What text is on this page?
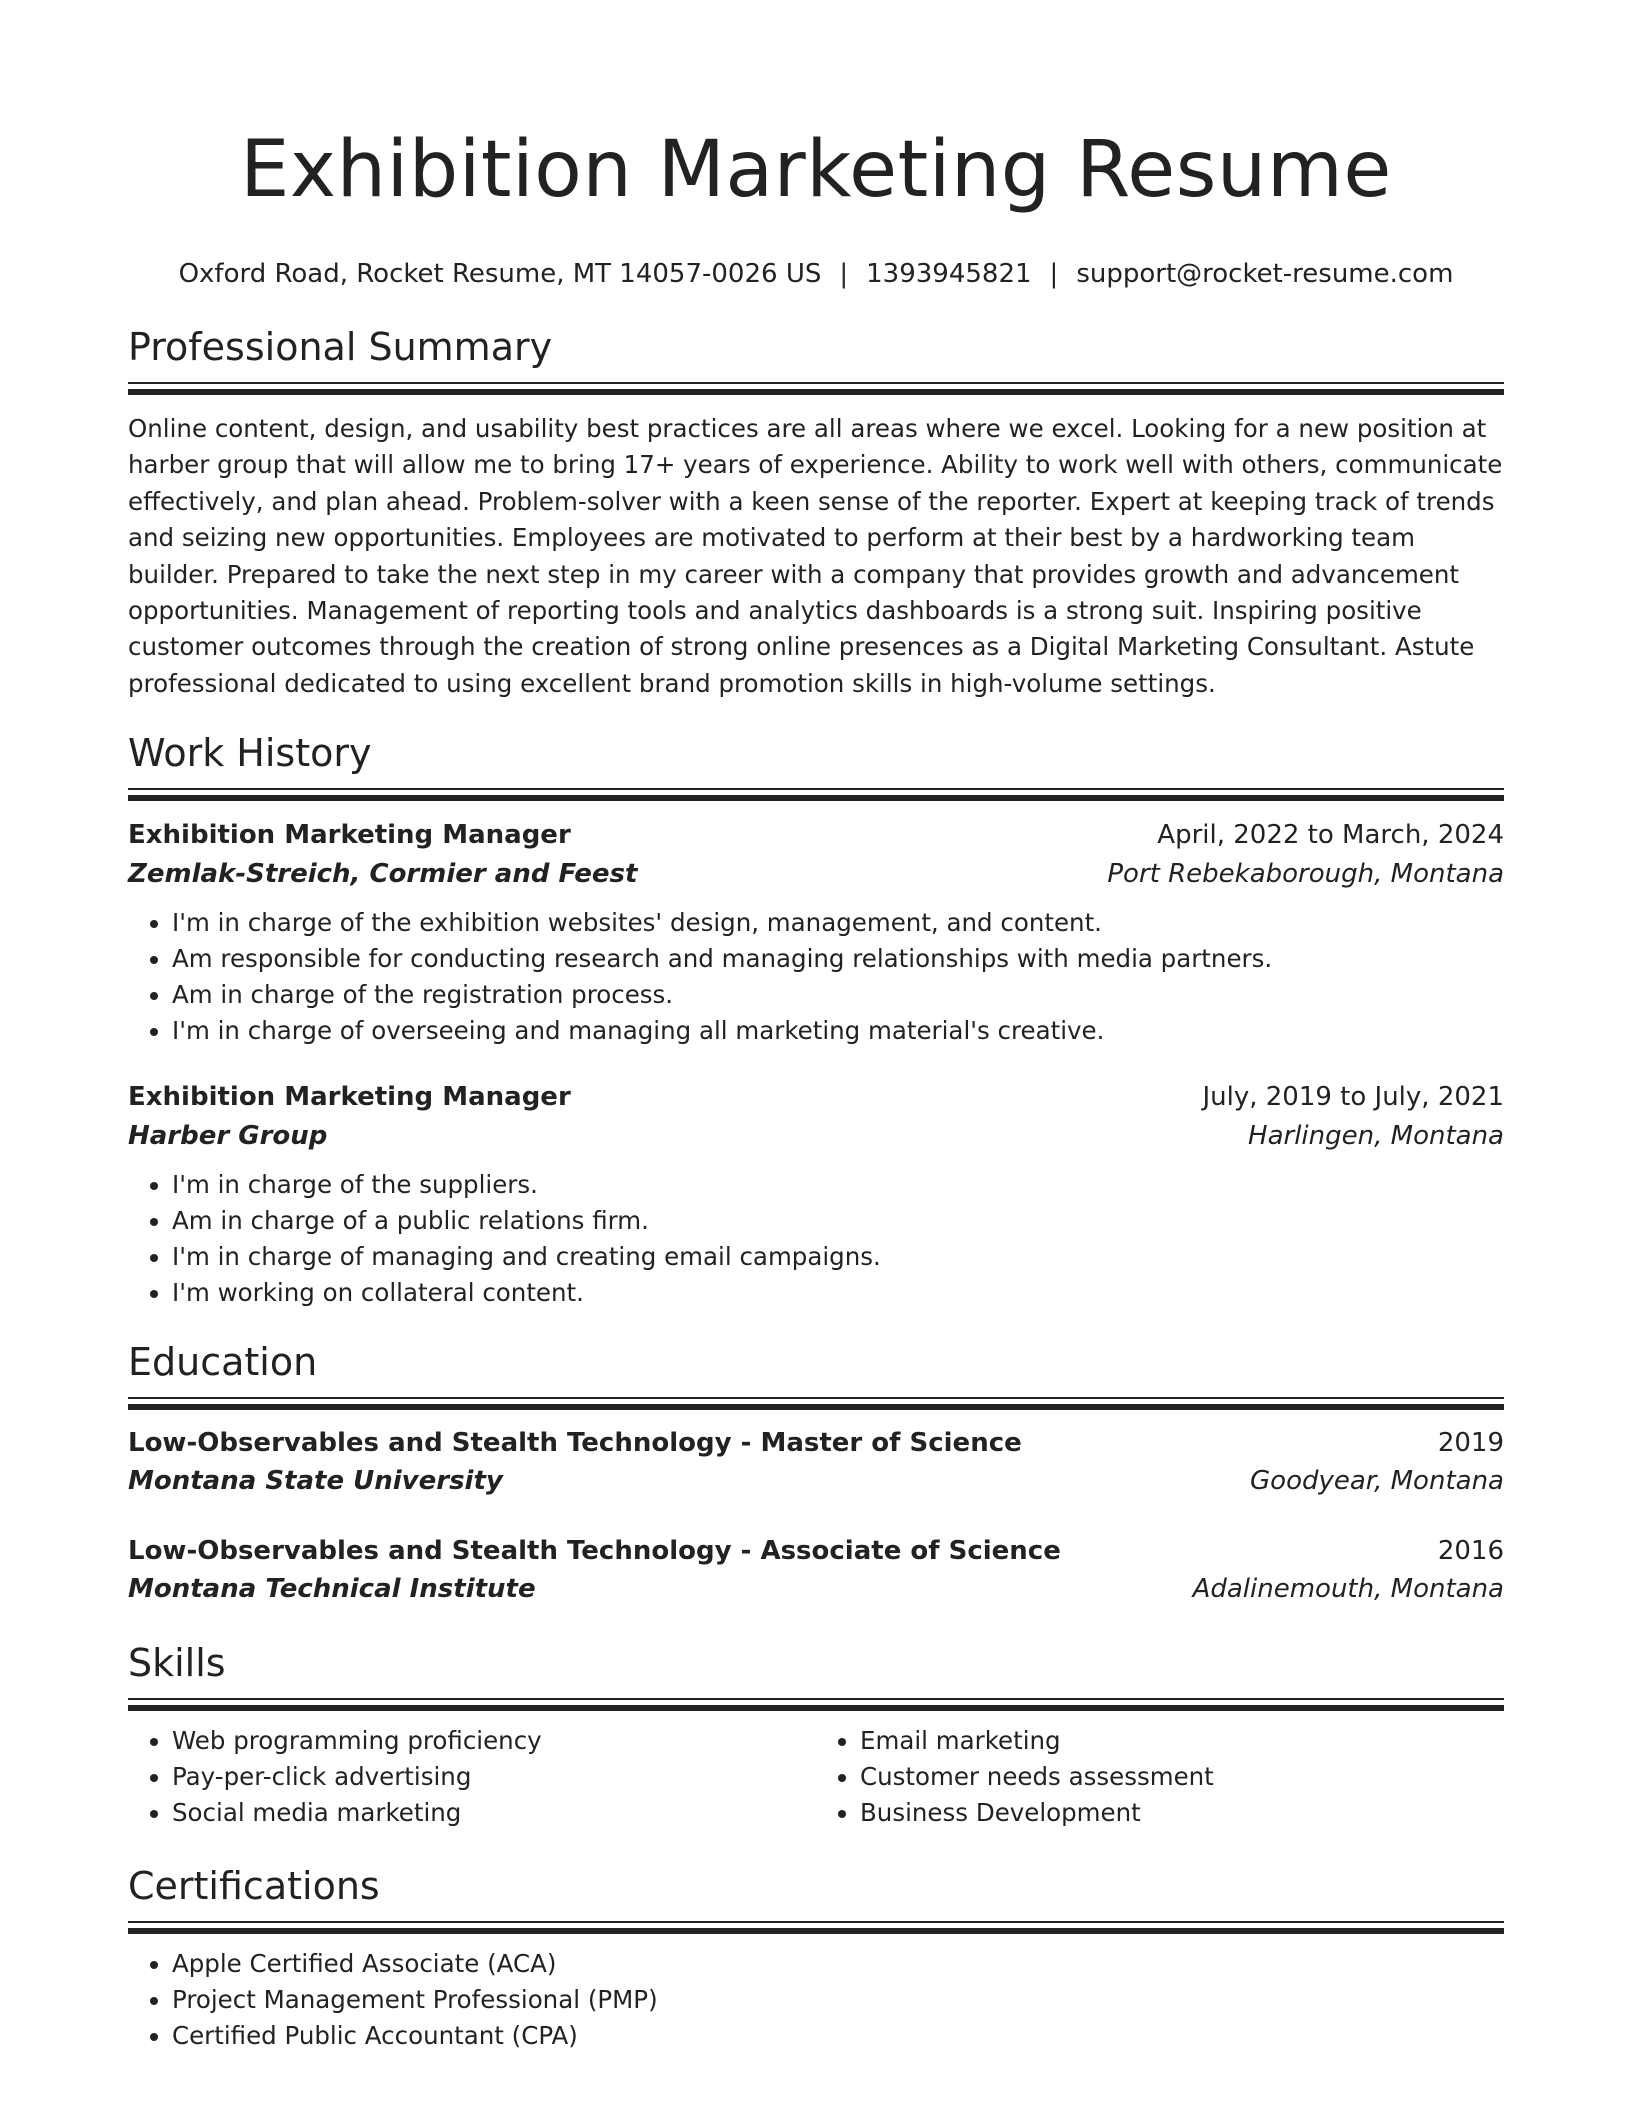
Exhibition Marketing Resume
Oxford Road, Rocket Resume, MT 14057-0026 US | 1393945821 | support@rocket-resume.com
Professional Summary
Online content, design, and usability best practices are all areas where we excel. Looking for a new position at harber group that will allow me to bring 17+ years of experience. Ability to work well with others, communicate effectively, and plan ahead. Problem-solver with a keen sense of the reporter. Expert at keeping track of trends and seizing new opportunities. Employees are motivated to perform at their best by a hardworking team builder. Prepared to take the next step in my career with a company that provides growth and advancement opportunities. Management of reporting tools and analytics dashboards is a strong suit. Inspiring positive customer outcomes through the creation of strong online presences as a Digital Marketing Consultant. Astute professional dedicated to using excellent brand promotion skills in high-volume settings.
Work History
Exhibition Marketing Manager	April, 2022 to March, 2024
Zemlak-Streich, Cormier and Feest	Port Rebekaborough, Montana
• I'm in charge of the exhibition websites' design, management, and content.
• Am responsible for conducting research and managing relationships with media partners.
• Am in charge of the registration process.
• I'm in charge of overseeing and managing all marketing material's creative.
Exhibition Marketing Manager	July, 2019 to July, 2021
Harber Group	Harlingen, Montana
• I'm in charge of the suppliers.
• Am in charge of a public relations firm.
• I'm in charge of managing and creating email campaigns.
• I'm working on collateral content.
Education
Low-Observables and Stealth Technology - Master of Science	2019
Montana State University	Goodyear, Montana
Low-Observables and Stealth Technology - Associate of Science	2016
Montana Technical Institute	Adalinemouth, Montana
Skills
• Web programming proficiency
• Pay-per-click advertising
• Social media marketing
• Email marketing
• Customer needs assessment
• Business Development
Certifications
• Apple Certified Associate (ACA)
• Project Management Professional (PMP)
• Certified Public Accountant (CPA)
